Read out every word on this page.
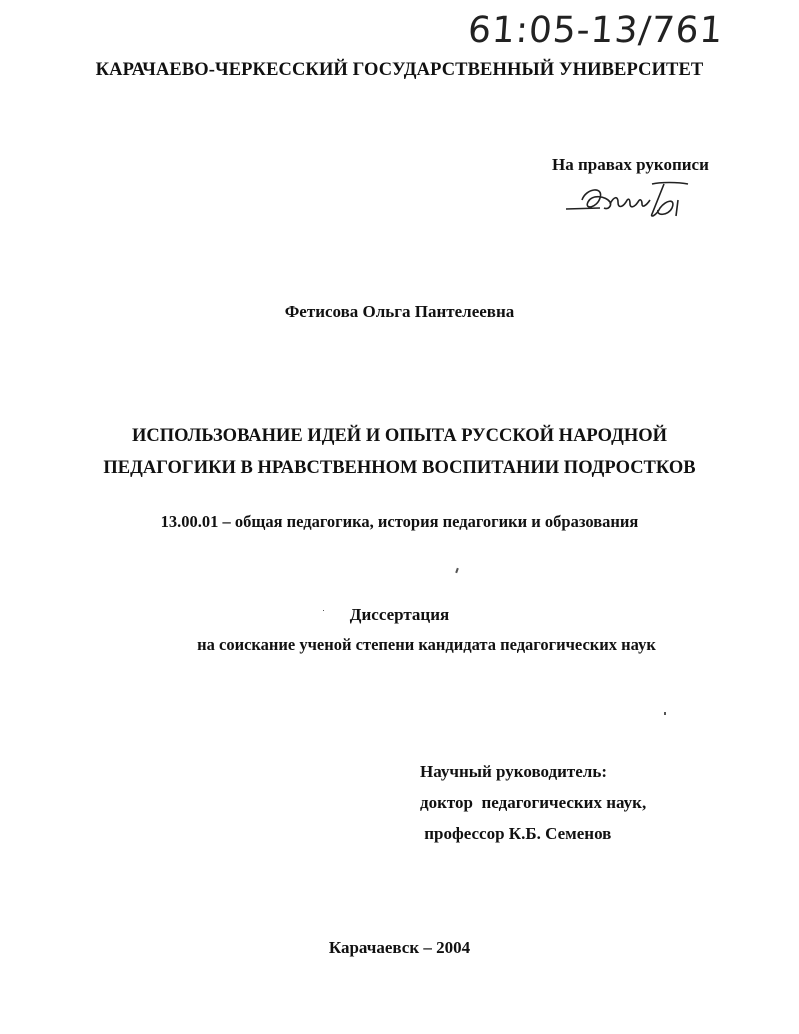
61:05-13/761
КАРАЧАЕВО-ЧЕРКЕССКИЙ ГОСУДАРСТВЕННЫЙ УНИВЕРСИТЕТ
На правах рукописи
Фетисова Ольга Пантелеевна
ИСПОЛЬЗОВАНИЕ ИДЕЙ И ОПЫТА РУССКОЙ НАРОДНОЙ
ПЕДАГОГИКИ В НРАВСТВЕННОМ ВОСПИТАНИИ ПОДРОСТКОВ
13.00.01 – общая педагогика, история педагогики и образования
Диссертация
на соискание ученой степени кандидата педагогических наук
Научный руководитель:
доктор  педагогических наук,
профессор К.Б. Семенов
Карачаевск – 2004
